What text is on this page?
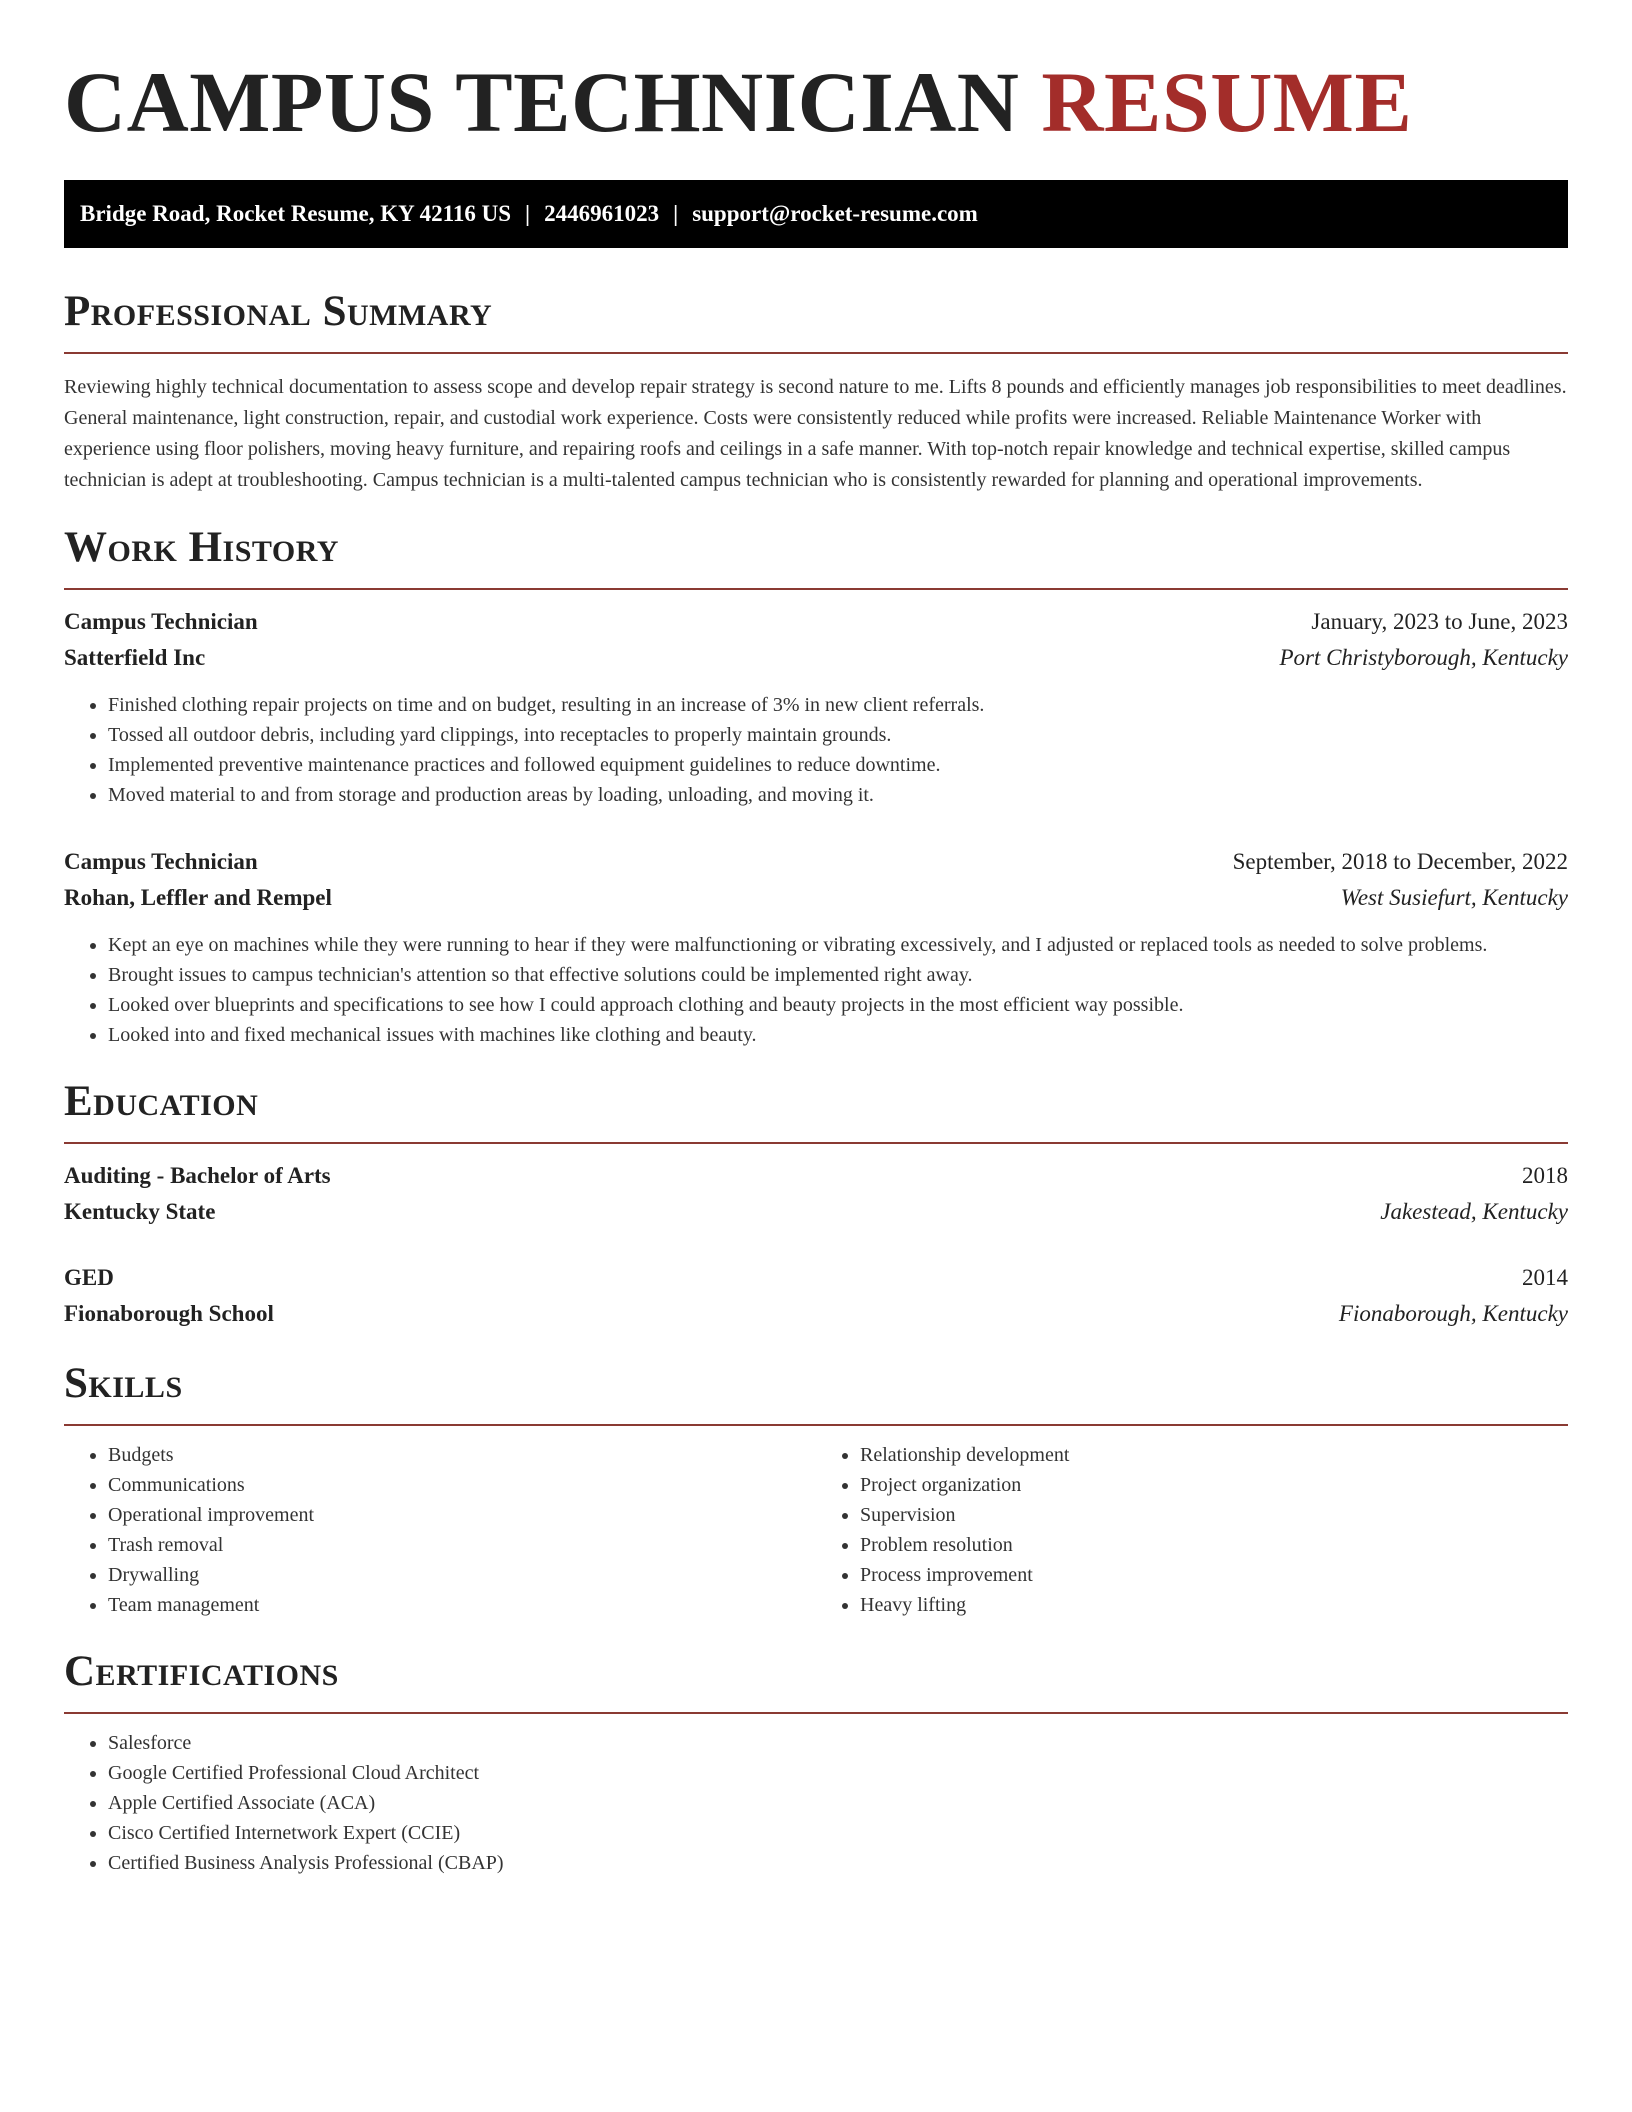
CAMPUS TECHNICIAN RESUME
Bridge Road, Rocket Resume, KY 42116 US | 2446961023 | support@rocket-resume.com
Professional Summary

Reviewing highly technical documentation to assess scope and develop repair strategy is second nature to me. Lifts 8 pounds and efficiently manages job responsibilities to meet deadlines. General maintenance, light construction, repair, and custodial work experience. Costs were consistently reduced while profits were increased. Reliable Maintenance Worker with experience using floor polishers, moving heavy furniture, and repairing roofs and ceilings in a safe manner. With top-notch repair knowledge and technical expertise, skilled campus technician is adept at troubleshooting. Campus technician is a multi-talented campus technician who is consistently rewarded for planning and operational improvements.

Work History
Campus Technician	January, 2023 to June, 2023
Satterfield Inc	Port Christyborough, Kentucky
• Finished clothing repair projects on time and on budget, resulting in an increase of 3% in new client referrals.
• Tossed all outdoor debris, including yard clippings, into receptacles to properly maintain grounds.
• Implemented preventive maintenance practices and followed equipment guidelines to reduce downtime.
• Moved material to and from storage and production areas by loading, unloading, and moving it.
Campus Technician	September, 2018 to December, 2022
Rohan, Leffler and Rempel	West Susiefurt, Kentucky
• Kept an eye on machines while they were running to hear if they were malfunctioning or vibrating excessively, and I adjusted or replaced tools as needed to solve problems.
• Brought issues to campus technician's attention so that effective solutions could be implemented right away.
• Looked over blueprints and specifications to see how I could approach clothing and beauty projects in the most efficient way possible.
• Looked into and fixed mechanical issues with machines like clothing and beauty.
Education
Auditing - Bachelor of Arts	2018
Kentucky State	Jakestead, Kentucky
GED	2014
Fionaborough School	Fionaborough, Kentucky
Skills
• Budgets
• Communications
• Operational improvement
• Trash removal
• Drywalling
• Team management
• Relationship development
• Project organization
• Supervision
• Problem resolution
• Process improvement
• Heavy lifting
Certifications
• Salesforce
• Google Certified Professional Cloud Architect
• Apple Certified Associate (ACA)
• Cisco Certified Internetwork Expert (CCIE)
• Certified Business Analysis Professional (CBAP)
